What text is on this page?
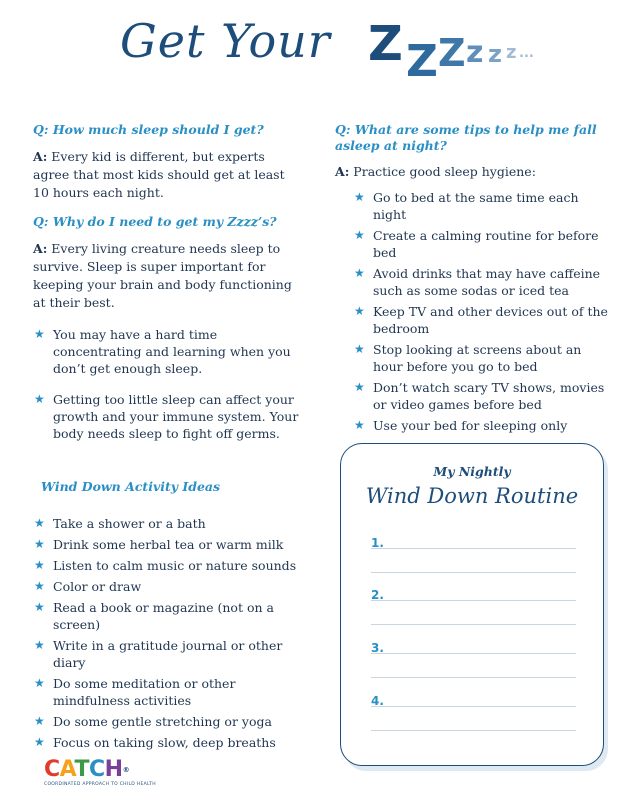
Get Your Z Z Z z z z ...

Q: How much sleep should I get?

A: Every kid is different, but experts agree that most kids should get at least 10 hours each night.

Q: Why do I need to get my Zzzz’s?

A: Every living creature needs sleep to survive. Sleep is super important for keeping your brain and body functioning at their best.

★ You may have a hard time concentrating and learning when you don’t get enough sleep.
★ Getting too little sleep can affect your growth and your immune system. Your body needs sleep to fight off germs.

Wind Down Activity Ideas

★ Take a shower or a bath
★ Drink some herbal tea or warm milk
★ Listen to calm music or nature sounds
★ Color or draw
★ Read a book or magazine (not on a screen)
★ Write in a gratitude journal or other diary
★ Do some meditation or other mindfulness activities
★ Do some gentle stretching or yoga
★ Focus on taking slow, deep breaths

Q: What are some tips to help me fall asleep at night?

A: Practice good sleep hygiene:

★ Go to bed at the same time each night
★ Create a calming routine for before bed
★ Avoid drinks that may have caffeine such as some sodas or iced tea
★ Keep TV and other devices out of the bedroom
★ Stop looking at screens about an hour before you go to bed
★ Don’t watch scary TV shows, movies or video games before bed
★ Use your bed for sleeping only
My Nightly
Wind Down Routine
1.
2.
3.
4.
CATCH®
COORDINATED APPROACH TO CHILD HEALTH
